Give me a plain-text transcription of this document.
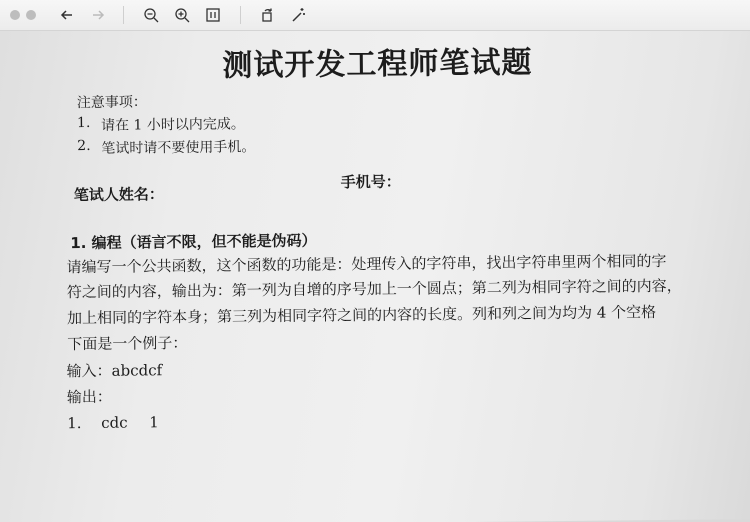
测试开发工程师笔试题
注意事项：
1. 请在 1 小时以内完成。
2. 笔试时请不要使用手机。
笔试人姓名：
手机号：
1. 编程（语言不限，但不能是伪码）
请编写一个公共函数，这个函数的功能是：处理传入的字符串，找出字符串里两个相同的字
符之间的内容，输出为：第一列为自增的序号加上一个圆点；第二列为相同字符之间的内容，
加上相同的字符本身；第三列为相同字符之间的内容的长度。列和列之间为均为 4 个空格
下面是一个例子：
输入：abcdcf
输出：
1. cdc 1
